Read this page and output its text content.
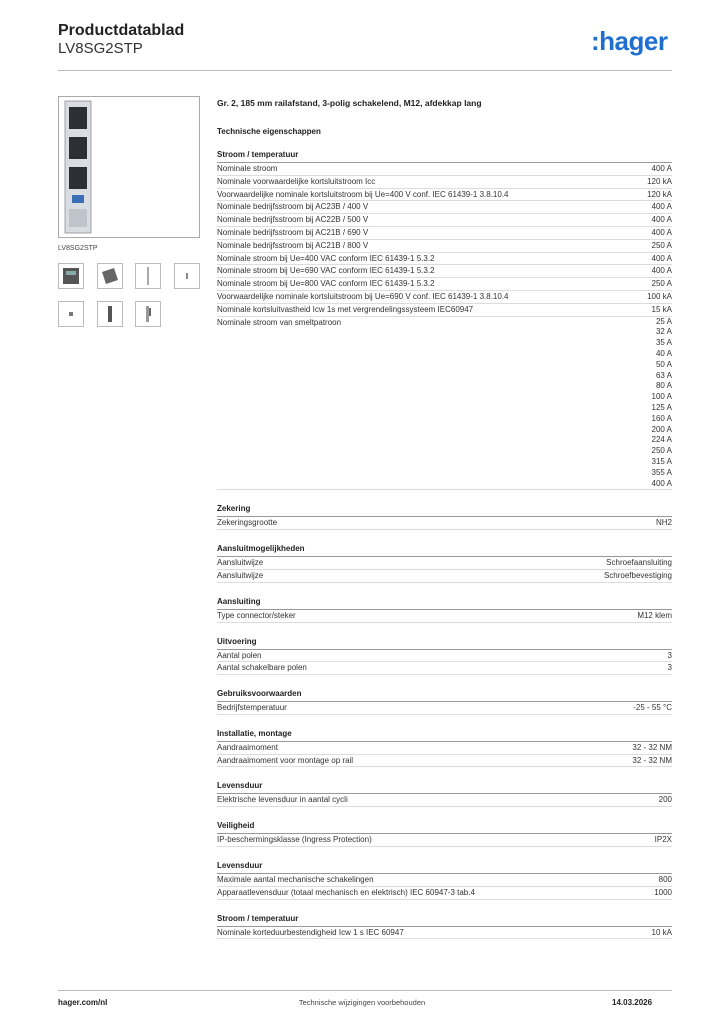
Productdatablad
LV8SG2STP	:hager
LV8SG2STP
Gr. 2, 185 mm railafstand, 3-polig schakelend, M12, afdekkap lang
Technische eigenschappen
Stroom / temperatuur
Nominale stroom	400 A
Nominale voorwaardelijke kortsluitstroom Icc	120 kA
Voorwaardelijke nominale kortsluitstroom bij Ue=400 V conf. IEC 61439-1 3.8.10.4	120 kA
Nominale bedrijfsstroom bij AC23B / 400 V	400 A
Nominale bedrijfsstroom bij AC22B / 500 V	400 A
Nominale bedrijfsstroom bij AC21B / 690 V	400 A
Nominale bedrijfsstroom bij AC21B / 800 V	250 A
Nominale stroom bij Ue=400 VAC conform IEC 61439-1 5.3.2	400 A
Nominale stroom bij Ue=690 VAC conform IEC 61439-1 5.3.2	400 A
Nominale stroom bij Ue=800 VAC conform IEC 61439-1 5.3.2	250 A
Voorwaardelijke nominale kortsluitstroom bij Ue=690 V conf. IEC 61439-1 3.8.10.4	100 kA
Nominale kortsluitvastheid Icw 1s met vergrendelingssysteem IEC60947	15 kA
Nominale stroom van smeltpatroon	25 A
32 A
35 A
40 A
50 A
63 A
80 A
100 A
125 A
160 A
200 A
224 A
250 A
315 A
355 A
400 A
Zekering
Zekeringsgrootte	NH2
Aansluitmogelijkheden
Aansluitwijze	Schroefaansluiting
Aansluitwijze	Schroefbevestiging
Aansluiting
Type connector/steker	M12 klem
Uitvoering
Aantal polen	3
Aantal schakelbare polen	3
Gebruiksvoorwaarden
Bedrijfstemperatuur	-25 - 55 °C
Installatie, montage
Aandraaimoment	32 - 32 NM
Aandraaimoment voor montage op rail	32 - 32 NM
Levensduur
Elektrische levensduur in aantal cycli	200
Veiligheid
IP-beschermingsklasse (Ingress Protection)	IP2X
Levensduur
Maximale aantal mechanische schakelingen	800
Apparaatlevensduur (totaal mechanisch en elektrisch) IEC 60947-3 tab.4	1000
Stroom / temperatuur
Nominale korteduurbestendigheid Icw 1 s IEC 60947	10 kA
hager.com/nl	Technische wijzigingen voorbehouden	14.03.2026
